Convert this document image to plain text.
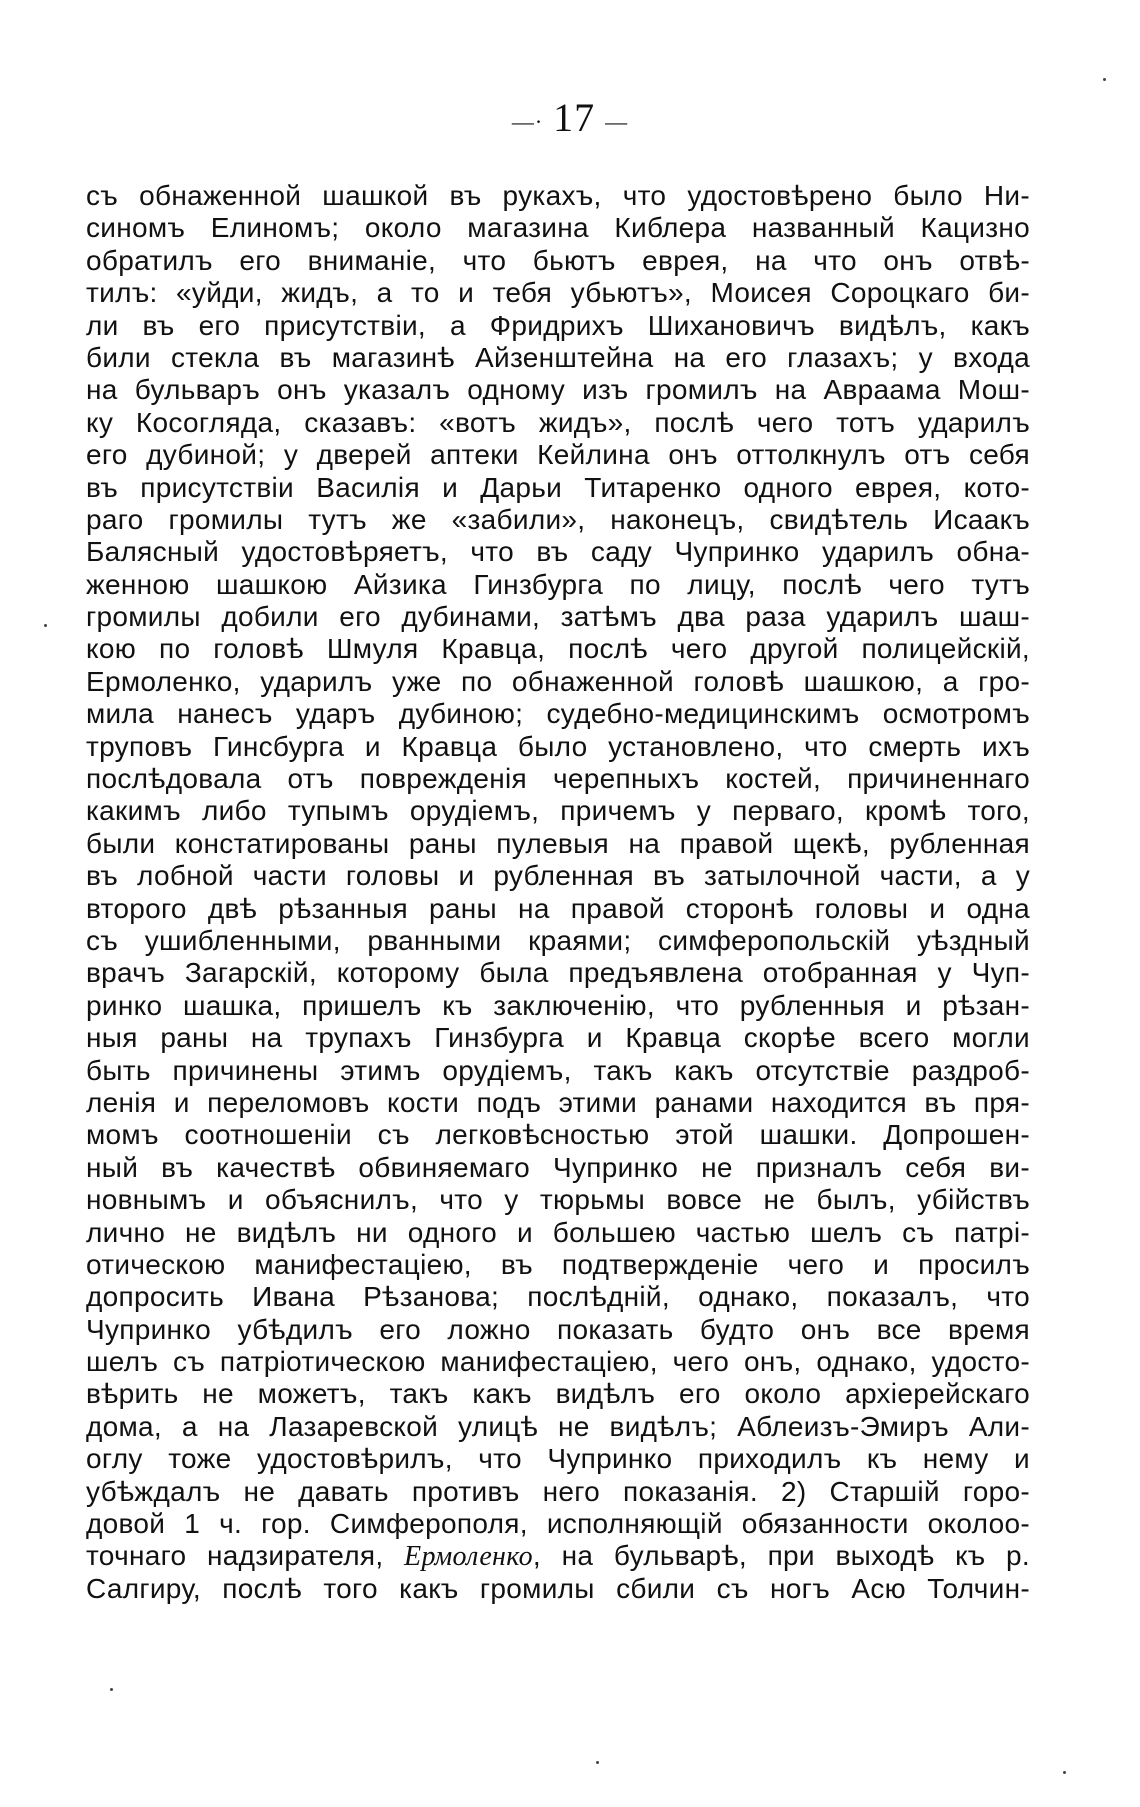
—· 17 —
съ обнаженной шашкой въ рукахъ, что удостовѣрено было Ни-
синомъ Елиномъ; около магазина Киблера названный Кацизно
обратилъ его вниманіе, что бьютъ еврея, на что онъ отвѣ-
тилъ: «уйди, жидъ, а то и тебя убьютъ», Моисея Сороцкаго би-
ли въ его присутствіи, а Фридрихъ Шихановичъ видѣлъ, какъ
били стекла въ магазинѣ Айзенштейна на его глазахъ; у входа
на бульваръ онъ указалъ одному изъ громилъ на Авраама Мош-
ку Косогляда, сказавъ: «вотъ жидъ», послѣ чего тотъ ударилъ
его дубиной; у дверей аптеки Кейлина онъ оттолкнулъ отъ себя
въ присутствіи Василія и Дарьи Титаренко одного еврея, кото-
раго громилы тутъ же «забили», наконецъ, свидѣтель Исаакъ
Балясный удостовѣряетъ, что въ саду Чупринко ударилъ обна-
женною шашкою Айзика Гинзбурга по лицу, послѣ чего тутъ
громилы добили его дубинами, затѣмъ два раза ударилъ шаш-
кою по головѣ Шмуля Кравца, послѣ чего другой полицейскій,
Ермоленко, ударилъ уже по обнаженной головѣ шашкою, а гро-
мила нанесъ ударъ дубиною; судебно-медицинскимъ осмотромъ
труповъ Гинсбурга и Кравца было установлено, что смерть ихъ
послѣдовала отъ поврежденія черепныхъ костей, причиненнаго
какимъ либо тупымъ орудіемъ, причемъ у перваго, кромѣ того,
были констатированы раны пулевыя на правой щекѣ, рубленная
въ лобной части головы и рубленная въ затылочной части, а у
второго двѣ рѣзанныя раны на правой сторонѣ головы и одна
съ ушибленными, рванными краями; симферопольскій уѣздный
врачъ Загарскій, которому была предъявлена отобранная у Чуп-
ринко шашка, пришелъ къ заключенію, что рубленныя и рѣзан-
ныя раны на трупахъ Гинзбурга и Кравца скорѣе всего могли
быть причинены этимъ орудіемъ, такъ какъ отсутствіе раздроб-
ленія и переломовъ кости подъ этими ранами находится въ пря-
момъ соотношеніи съ легковѣсностью этой шашки. Допрошен-
ный въ качествѣ обвиняемаго Чупринко не призналъ себя ви-
новнымъ и объяснилъ, что у тюрьмы вовсе не былъ, убійствъ
лично не видѣлъ ни одного и большею частью шелъ съ патрі-
отическою манифестаціею, въ подтвержденіе чего и просилъ
допросить Ивана Рѣзанова; послѣдній, однако, показалъ, что
Чупринко убѣдилъ его ложно показать будто онъ все время
шелъ съ патріотическою манифестаціею, чего онъ, однако, удосто-
вѣрить не можетъ, такъ какъ видѣлъ его около архіерейскаго
дома, а на Лазаревской улицѣ не видѣлъ; Аблеизъ-Эмиръ Али-
оглу тоже удостовѣрилъ, что Чупринко приходилъ къ нему и
убѣждалъ не давать противъ него показанія. 2) Старшій горо-
довой 1 ч. гор. Симферополя, исполняющій обязанности околоо-
точнаго надзирателя, Ермоленко, на бульварѣ, при выходѣ къ р.
Салгиру, послѣ того какъ громилы сбили съ ногъ Асю Толчин-
